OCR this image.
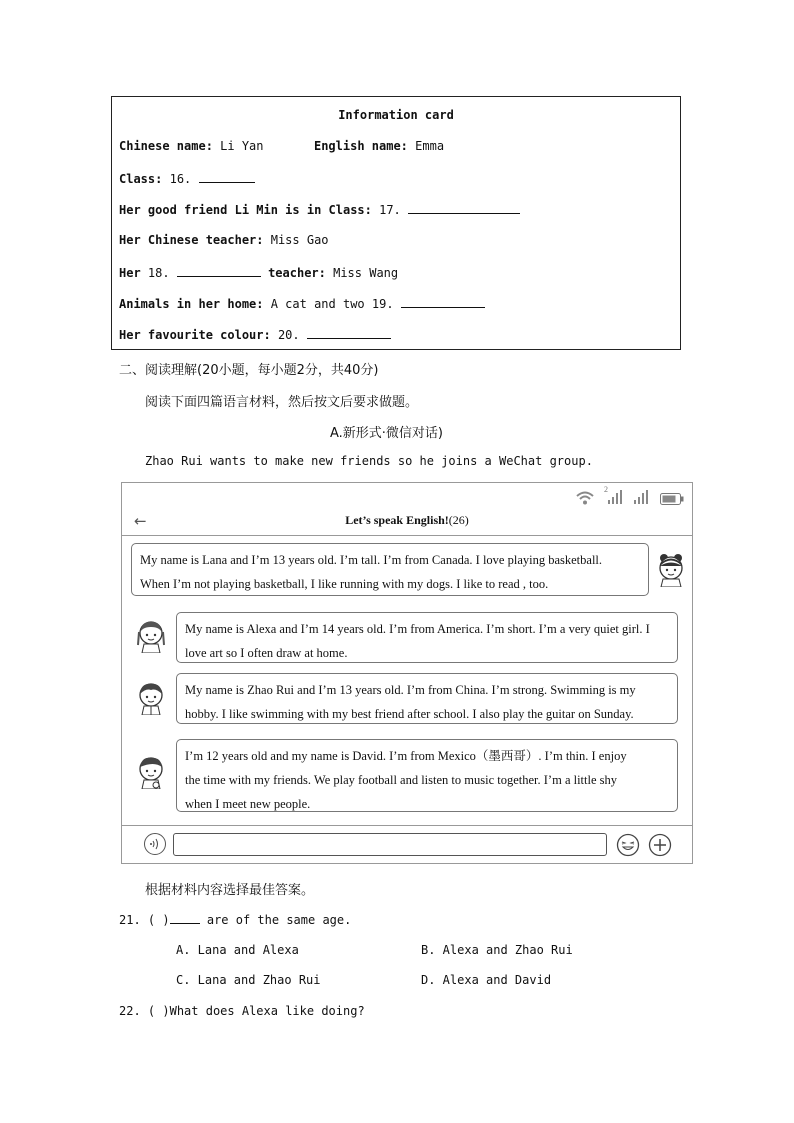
Information card
Chinese name: Li Yan	English name: Emma
Class: 16.
Her good friend Li Min is in Class: 17.
Her Chinese teacher: Miss Gao
Her 18.	teacher: Miss Wang
Animals in her home: A cat and two 19.
Her favourite colour: 20.
二、阅读理解(20小题，每小题2分，共40分)
阅读下面四篇语言材料，然后按文后要求做题。
A.新形式·微信对话)
Zhao Rui wants to make new friends so he joins a WeChat group.
2
←	Let’s speak English!(26)
My name is Lana and I’m 13 years old. I’m tall. I’m from Canada. I love playing basketball.
When I’m not playing basketball, I like running with my dogs. I like to read , too.
My name is Alexa and I’m 14 years old. I’m from America. I’m short. I’m a very quiet girl. I
love art so I often draw at home.
My name is Zhao Rui and I’m 13 years old. I’m from China. I’m strong. Swimming is my
hobby. I like swimming with my best friend after school. I also play the guitar on Sunday.
I’m 12 years old and my name is David. I’m from Mexico（墨西哥）. I’m thin. I enjoy
the time with my friends. We play football and listen to music together. I’m a little shy
when I meet new people.
根据材料内容选择最佳答案。
21. ( )	are of the same age.
A. Lana and Alexa	B. Alexa and Zhao Rui
C. Lana and Zhao Rui	D. Alexa and David
22. ( )What does Alexa like doing?
